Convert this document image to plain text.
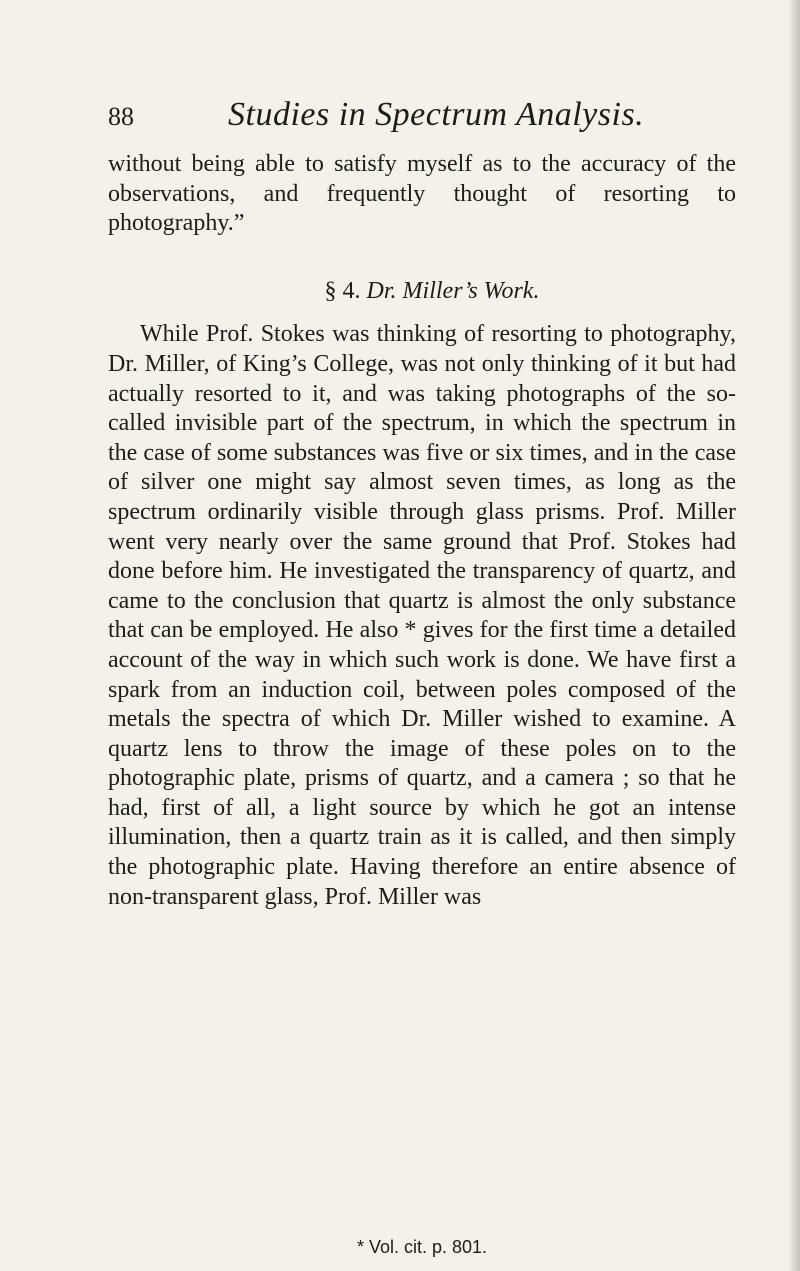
88	Studies in Spectrum Analysis.

without being able to satisfy myself as to the accuracy of the observations, and frequently thought of resorting to photography.”

§ 4. Dr. Miller’s Work.

While Prof. Stokes was thinking of resorting to photography, Dr. Miller, of King’s College, was not only thinking of it but had actually resorted to it, and was taking photographs of the so-called invisible part of the spectrum, in which the spectrum in the case of some substances was five or six times, and in the case of silver one might say almost seven times, as long as the spectrum ordinarily visible through glass prisms. Prof. Miller went very nearly over the same ground that Prof. Stokes had done before him. He investigated the transparency of quartz, and came to the conclusion that quartz is almost the only substance that can be employed. He also * gives for the first time a detailed account of the way in which such work is done. We have first a spark from an induction coil, between poles composed of the metals the spectra of which Dr. Miller wished to examine. A quartz lens to throw the image of these poles on to the photographic plate, prisms of quartz, and a camera ; so that he had, first of all, a light source by which he got an intense illumination, then a quartz train as it is called, and then simply the photographic plate. Having therefore an entire absence of non-transparent glass, Prof. Miller was

* Vol. cit. p. 801.
